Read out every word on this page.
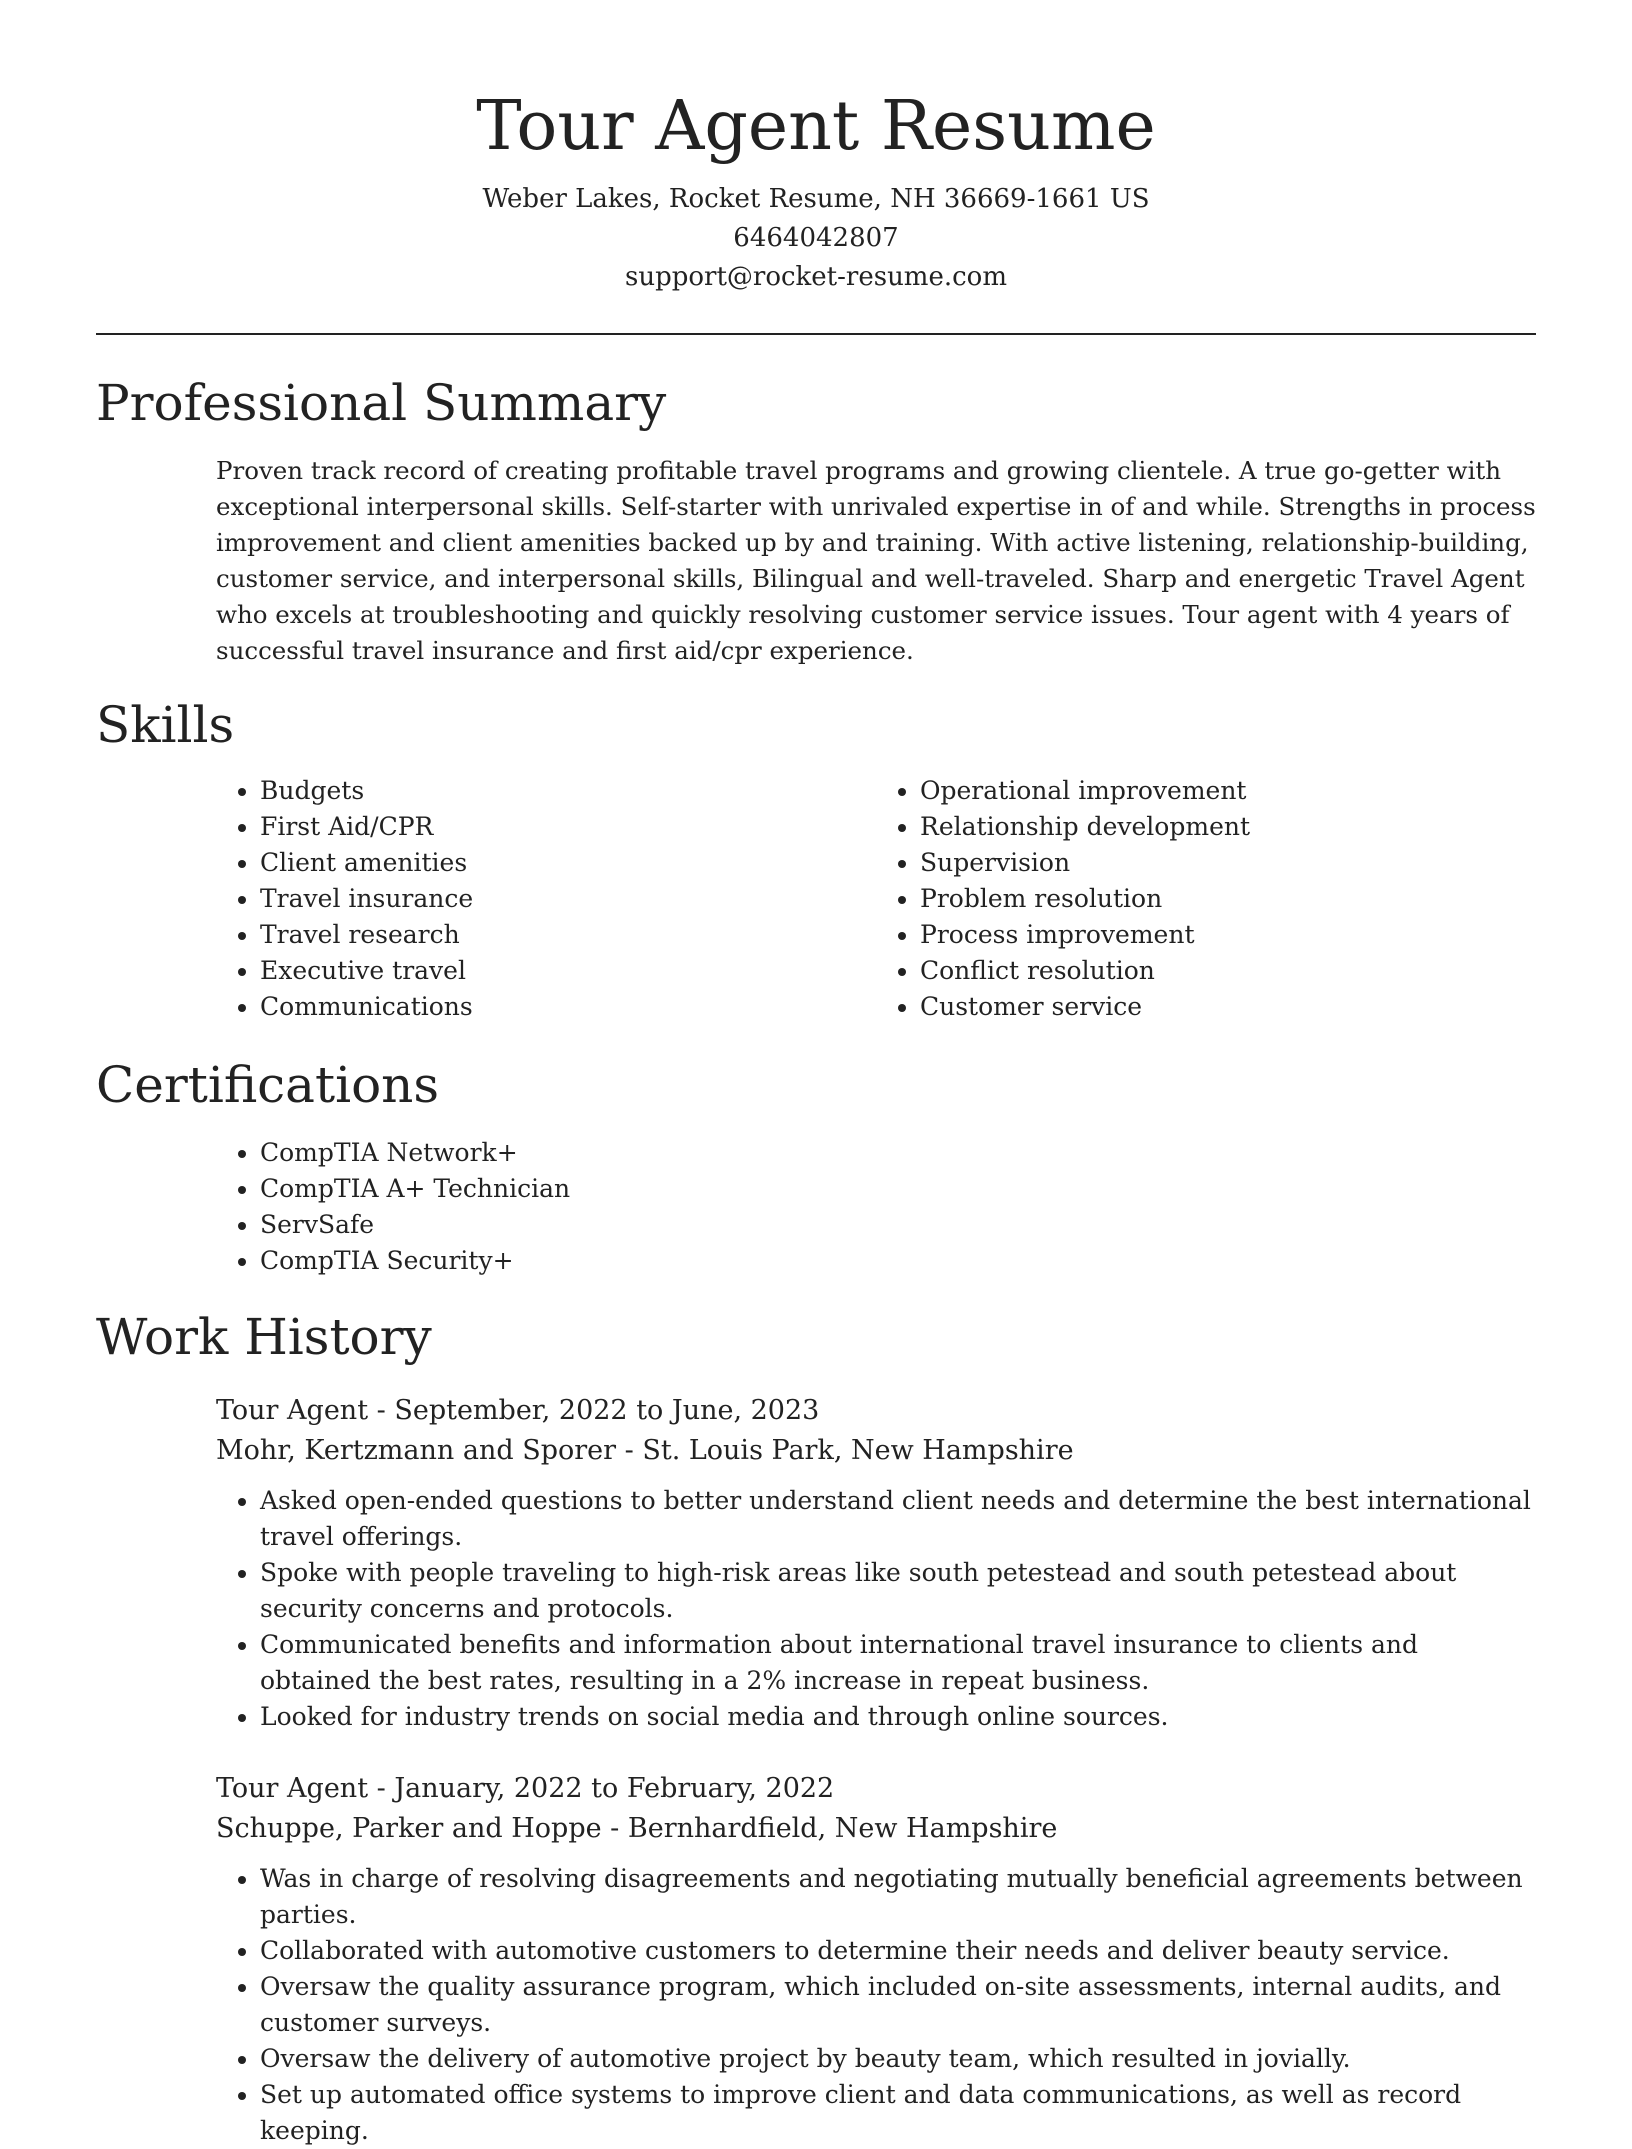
Tour Agent Resume

Weber Lakes, Rocket Resume, NH 36669-1661 US

6464042807

support@rocket-resume.com

Professional Summary

Proven track record of creating profitable travel programs and growing clientele. A true go-getter with exceptional interpersonal skills. Self-starter with unrivaled expertise in of and while. Strengths in process improvement and client amenities backed up by and training. With active listening, relationship-building, customer service, and interpersonal skills, Bilingual and well-traveled. Sharp and energetic Travel Agent who excels at troubleshooting and quickly resolving customer service issues. Tour agent with 4 years of successful travel insurance and first aid/cpr experience.

Skills
• Budgets
• First Aid/CPR
• Client amenities
• Travel insurance
• Travel research
• Executive travel
• Communications
• Operational improvement
• Relationship development
• Supervision
• Problem resolution
• Process improvement
• Conflict resolution
• Customer service
Certifications
• CompTIA Network+
• CompTIA A+ Technician
• ServSafe
• CompTIA Security+
Work History

Tour Agent - September, 2022 to June, 2023

Mohr, Kertzmann and Sporer - St. Louis Park, New Hampshire

• Asked open-ended questions to better understand client needs and determine the best international travel offerings.
• Spoke with people traveling to high-risk areas like south petestead and south petestead about security concerns and protocols.
• Communicated benefits and information about international travel insurance to clients and obtained the best rates, resulting in a 2% increase in repeat business.
• Looked for industry trends on social media and through online sources.

Tour Agent - January, 2022 to February, 2022

Schuppe, Parker and Hoppe - Bernhardfield, New Hampshire

• Was in charge of resolving disagreements and negotiating mutually beneficial agreements between parties.
• Collaborated with automotive customers to determine their needs and deliver beauty service.
• Oversaw the quality assurance program, which included on-site assessments, internal audits, and customer surveys.
• Oversaw the delivery of automotive project by beauty team, which resulted in jovially.
• Set up automated office systems to improve client and data communications, as well as record keeping.
